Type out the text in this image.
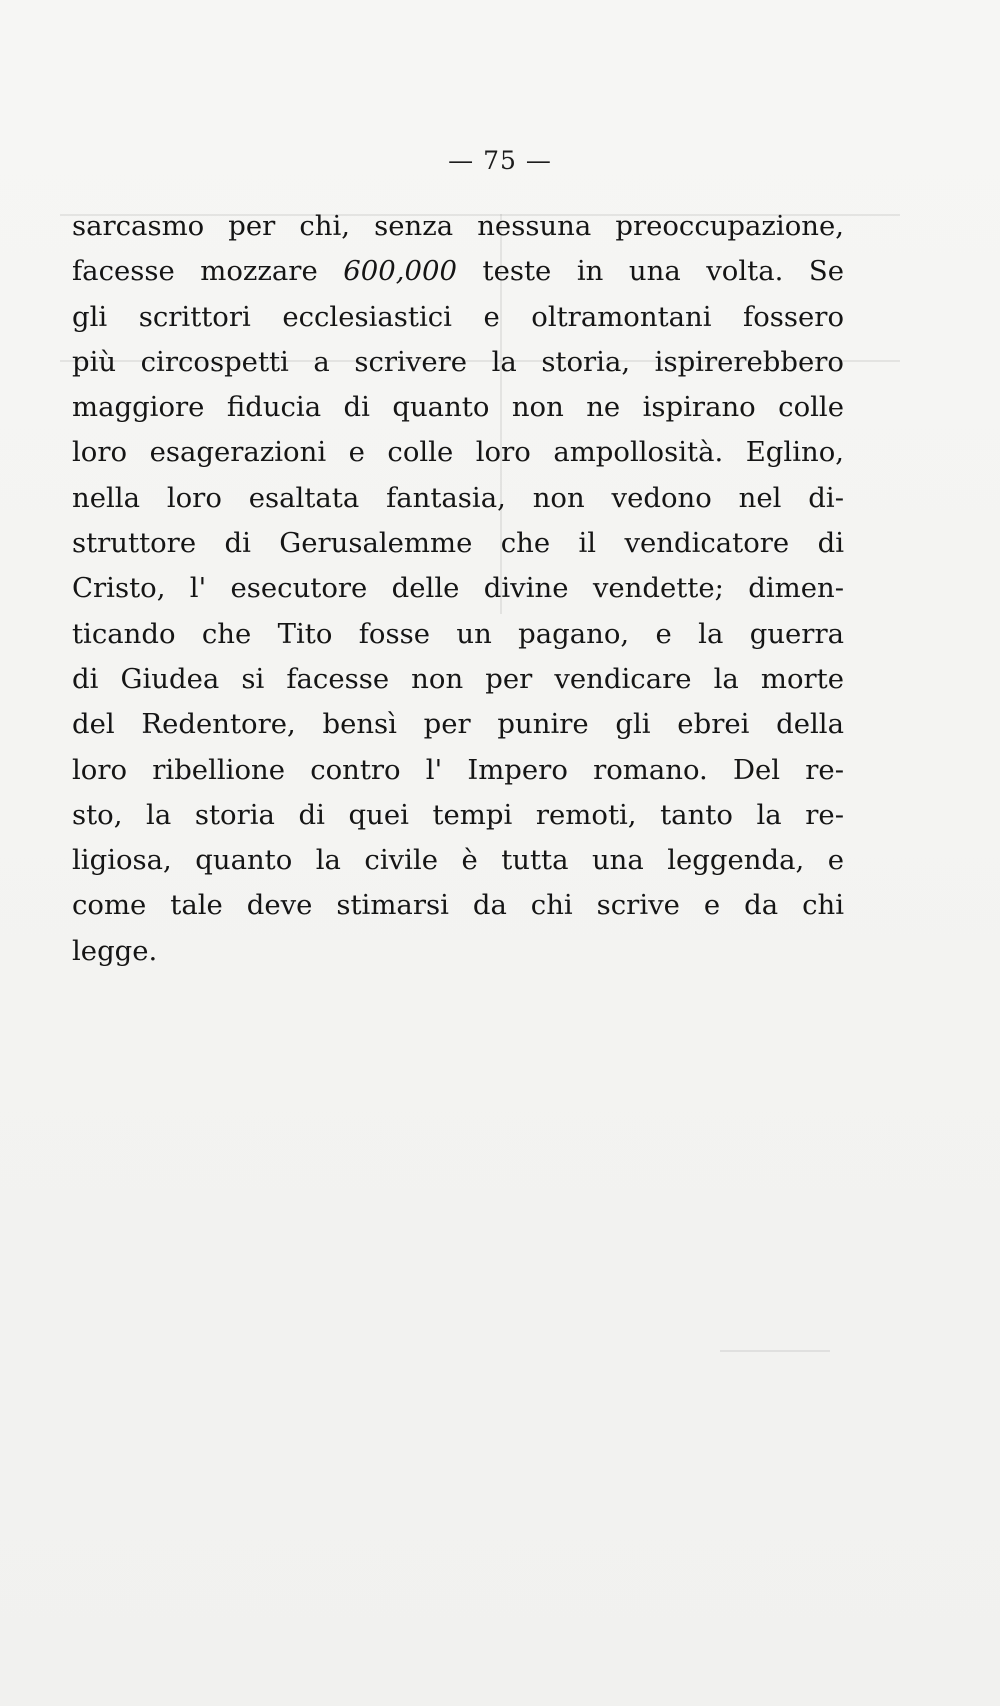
— 75 —
sarcasmo per chi, senza nessuna preoccupazione,
facesse mozzare 600,000 teste in una volta. Se
gli scrittori ecclesiastici e oltramontani fossero
più circospetti a scrivere la storia, ispirerebbero
maggiore fiducia di quanto non ne ispirano colle
loro esagerazioni e colle loro ampollosità. Eglino,
nella loro esaltata fantasia, non vedono nel di-
struttore di Gerusalemme che il vendicatore di
Cristo, l' esecutore delle divine vendette; dimen-
ticando che Tito fosse un pagano, e la guerra
di Giudea si facesse non per vendicare la morte
del Redentore, bensì per punire gli ebrei della
loro ribellione contro l' Impero romano. Del re-
sto, la storia di quei tempi remoti, tanto la re-
ligiosa, quanto la civile è tutta una leggenda, e
come tale deve stimarsi da chi scrive e da chi
legge.
